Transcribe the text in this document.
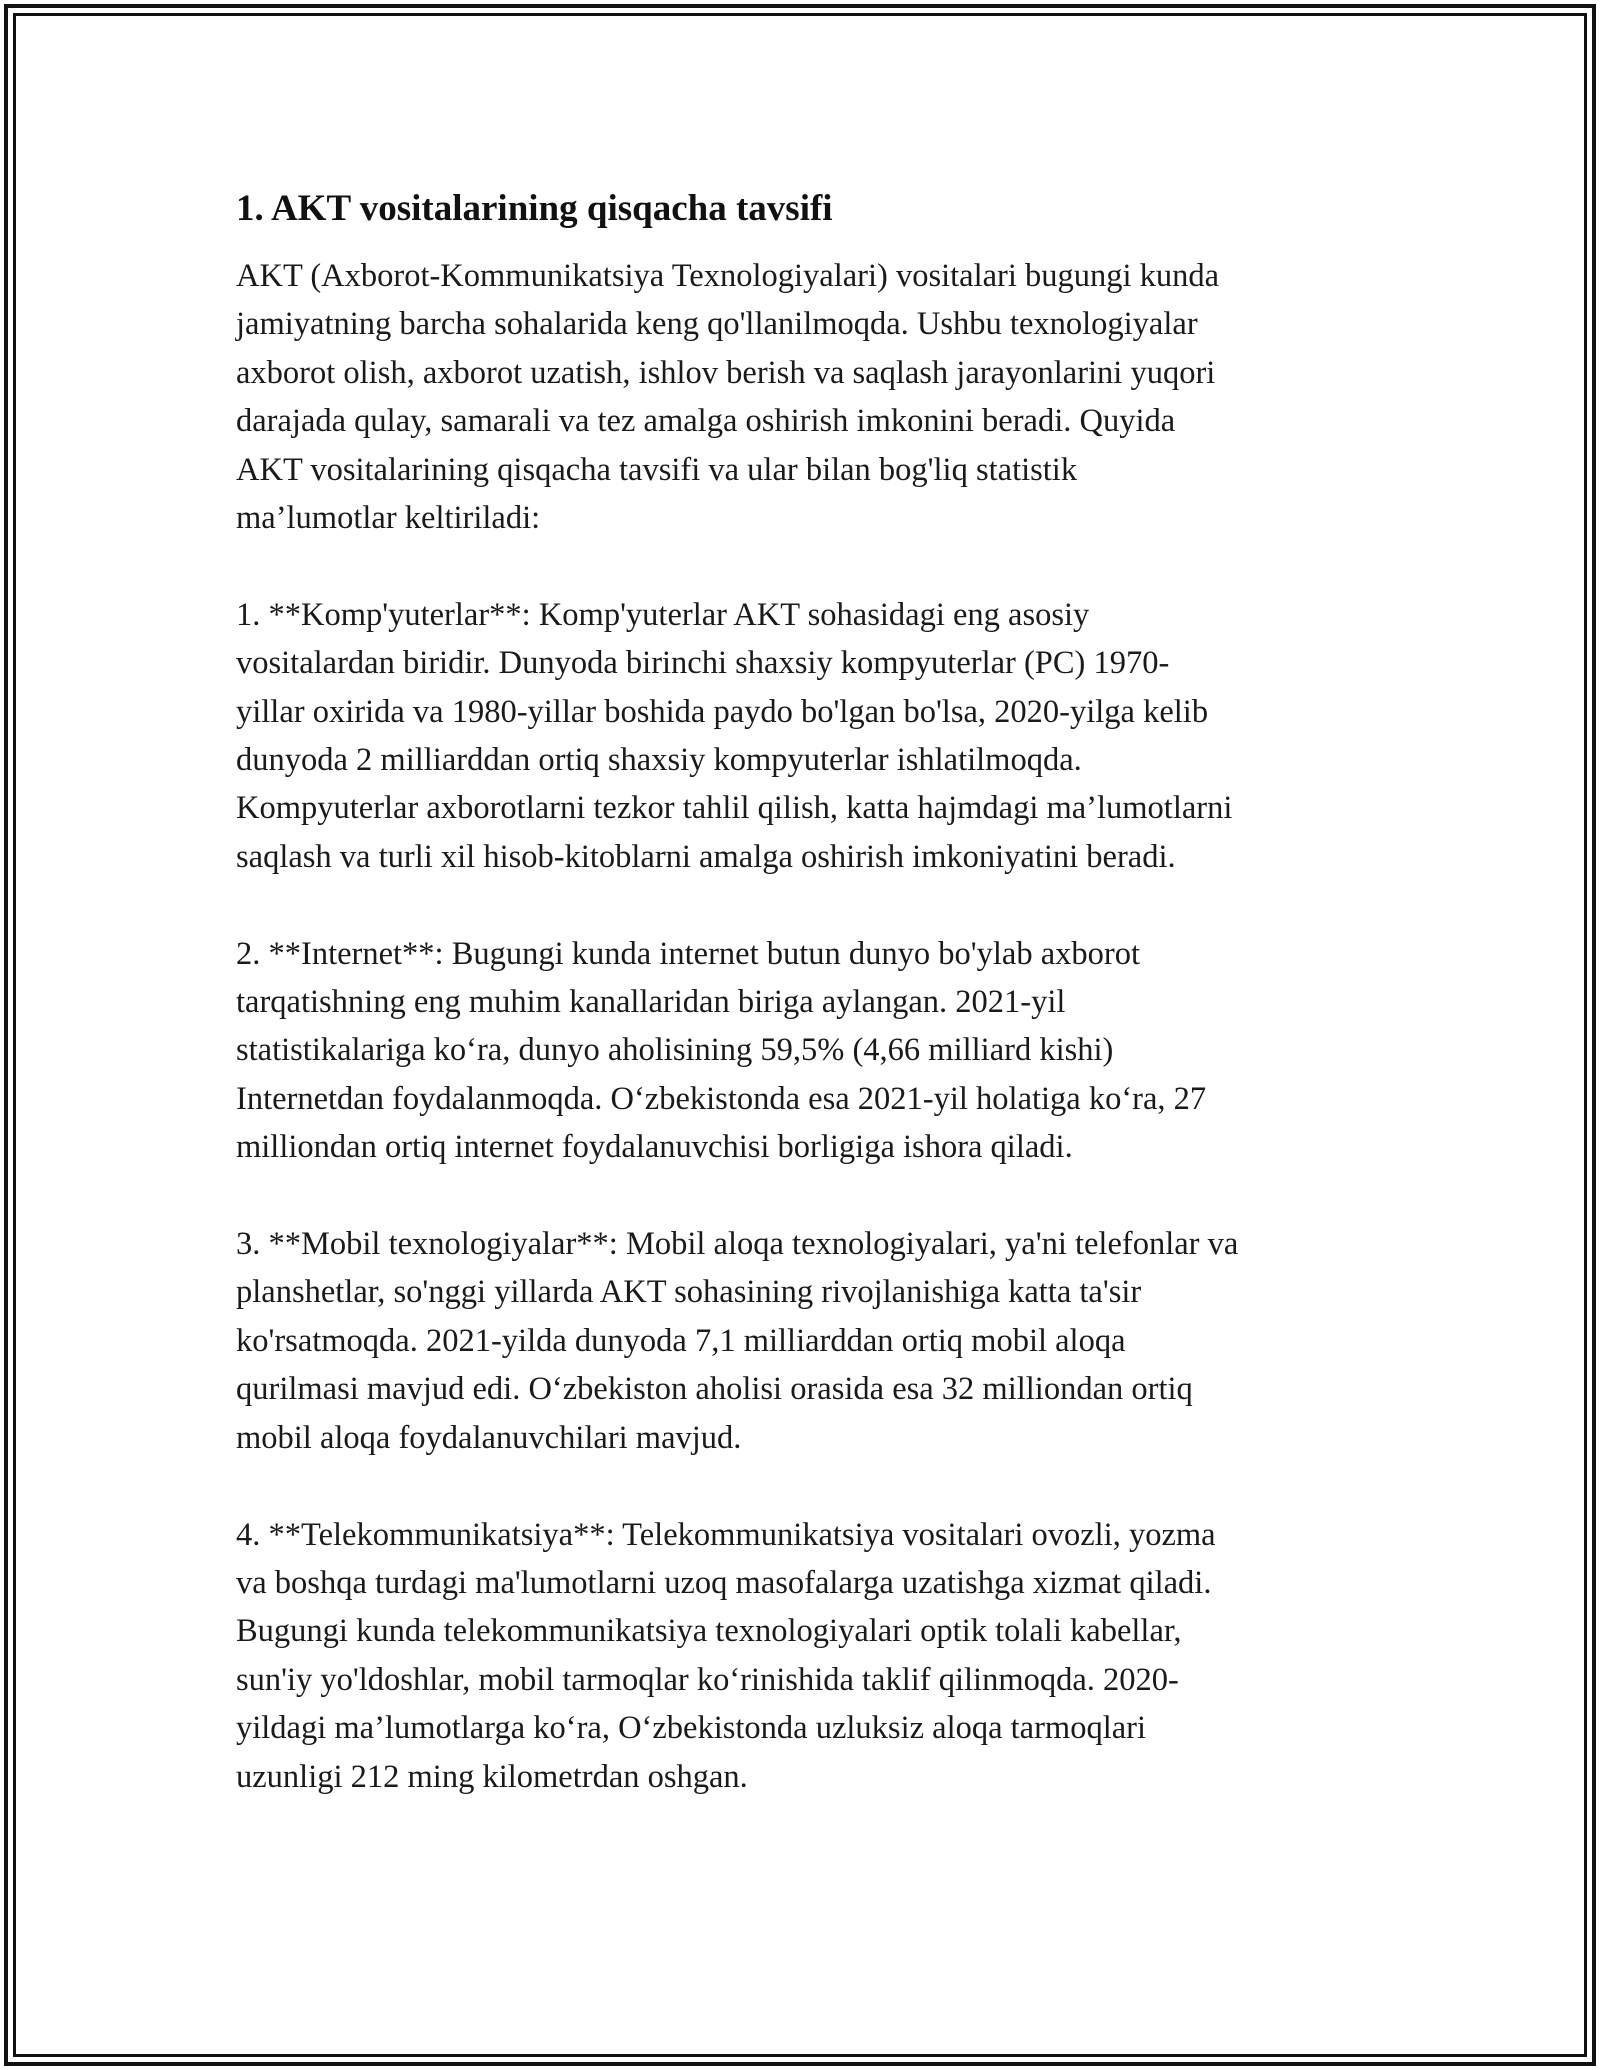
1. AKT vositalarining qisqacha tavsifi

AKT (Axborot-Kommunikatsiya Texnologiyalari) vositalari bugungi kunda
jamiyatning barcha sohalarida keng qo'llanilmoqda. Ushbu texnologiyalar
axborot olish, axborot uzatish, ishlov berish va saqlash jarayonlarini yuqori
darajada qulay, samarali va tez amalga oshirish imkonini beradi. Quyida
AKT vositalarining qisqacha tavsifi va ular bilan bog'liq statistik
ma’lumotlar keltiriladi:

1. **Komp'yuterlar**: Komp'yuterlar AKT sohasidagi eng asosiy
vositalardan biridir. Dunyoda birinchi shaxsiy kompyuterlar (PC) 1970-
yillar oxirida va 1980-yillar boshida paydo bo'lgan bo'lsa, 2020-yilga kelib
dunyoda 2 milliarddan ortiq shaxsiy kompyuterlar ishlatilmoqda.
Kompyuterlar axborotlarni tezkor tahlil qilish, katta hajmdagi ma’lumotlarni
saqlash va turli xil hisob-kitoblarni amalga oshirish imkoniyatini beradi.

2. **Internet**: Bugungi kunda internet butun dunyo bo'ylab axborot
tarqatishning eng muhim kanallaridan biriga aylangan. 2021-yil
statistikalariga ko‘ra, dunyo aholisining 59,5% (4,66 milliard kishi)
Internetdan foydalanmoqda. O‘zbekistonda esa 2021-yil holatiga ko‘ra, 27
milliondan ortiq internet foydalanuvchisi borligiga ishora qiladi.

3. **Mobil texnologiyalar**: Mobil aloqa texnologiyalari, ya'ni telefonlar va
planshetlar, so'nggi yillarda AKT sohasining rivojlanishiga katta ta'sir
ko'rsatmoqda. 2021-yilda dunyoda 7,1 milliarddan ortiq mobil aloqa
qurilmasi mavjud edi. O‘zbekiston aholisi orasida esa 32 milliondan ortiq
mobil aloqa foydalanuvchilari mavjud.

4. **Telekommunikatsiya**: Telekommunikatsiya vositalari ovozli, yozma
va boshqa turdagi ma'lumotlarni uzoq masofalarga uzatishga xizmat qiladi.
Bugungi kunda telekommunikatsiya texnologiyalari optik tolali kabellar,
sun'iy yo'ldoshlar, mobil tarmoqlar ko‘rinishida taklif qilinmoqda. 2020-
yildagi ma’lumotlarga ko‘ra, O‘zbekistonda uzluksiz aloqa tarmoqlari
uzunligi 212 ming kilometrdan oshgan.
